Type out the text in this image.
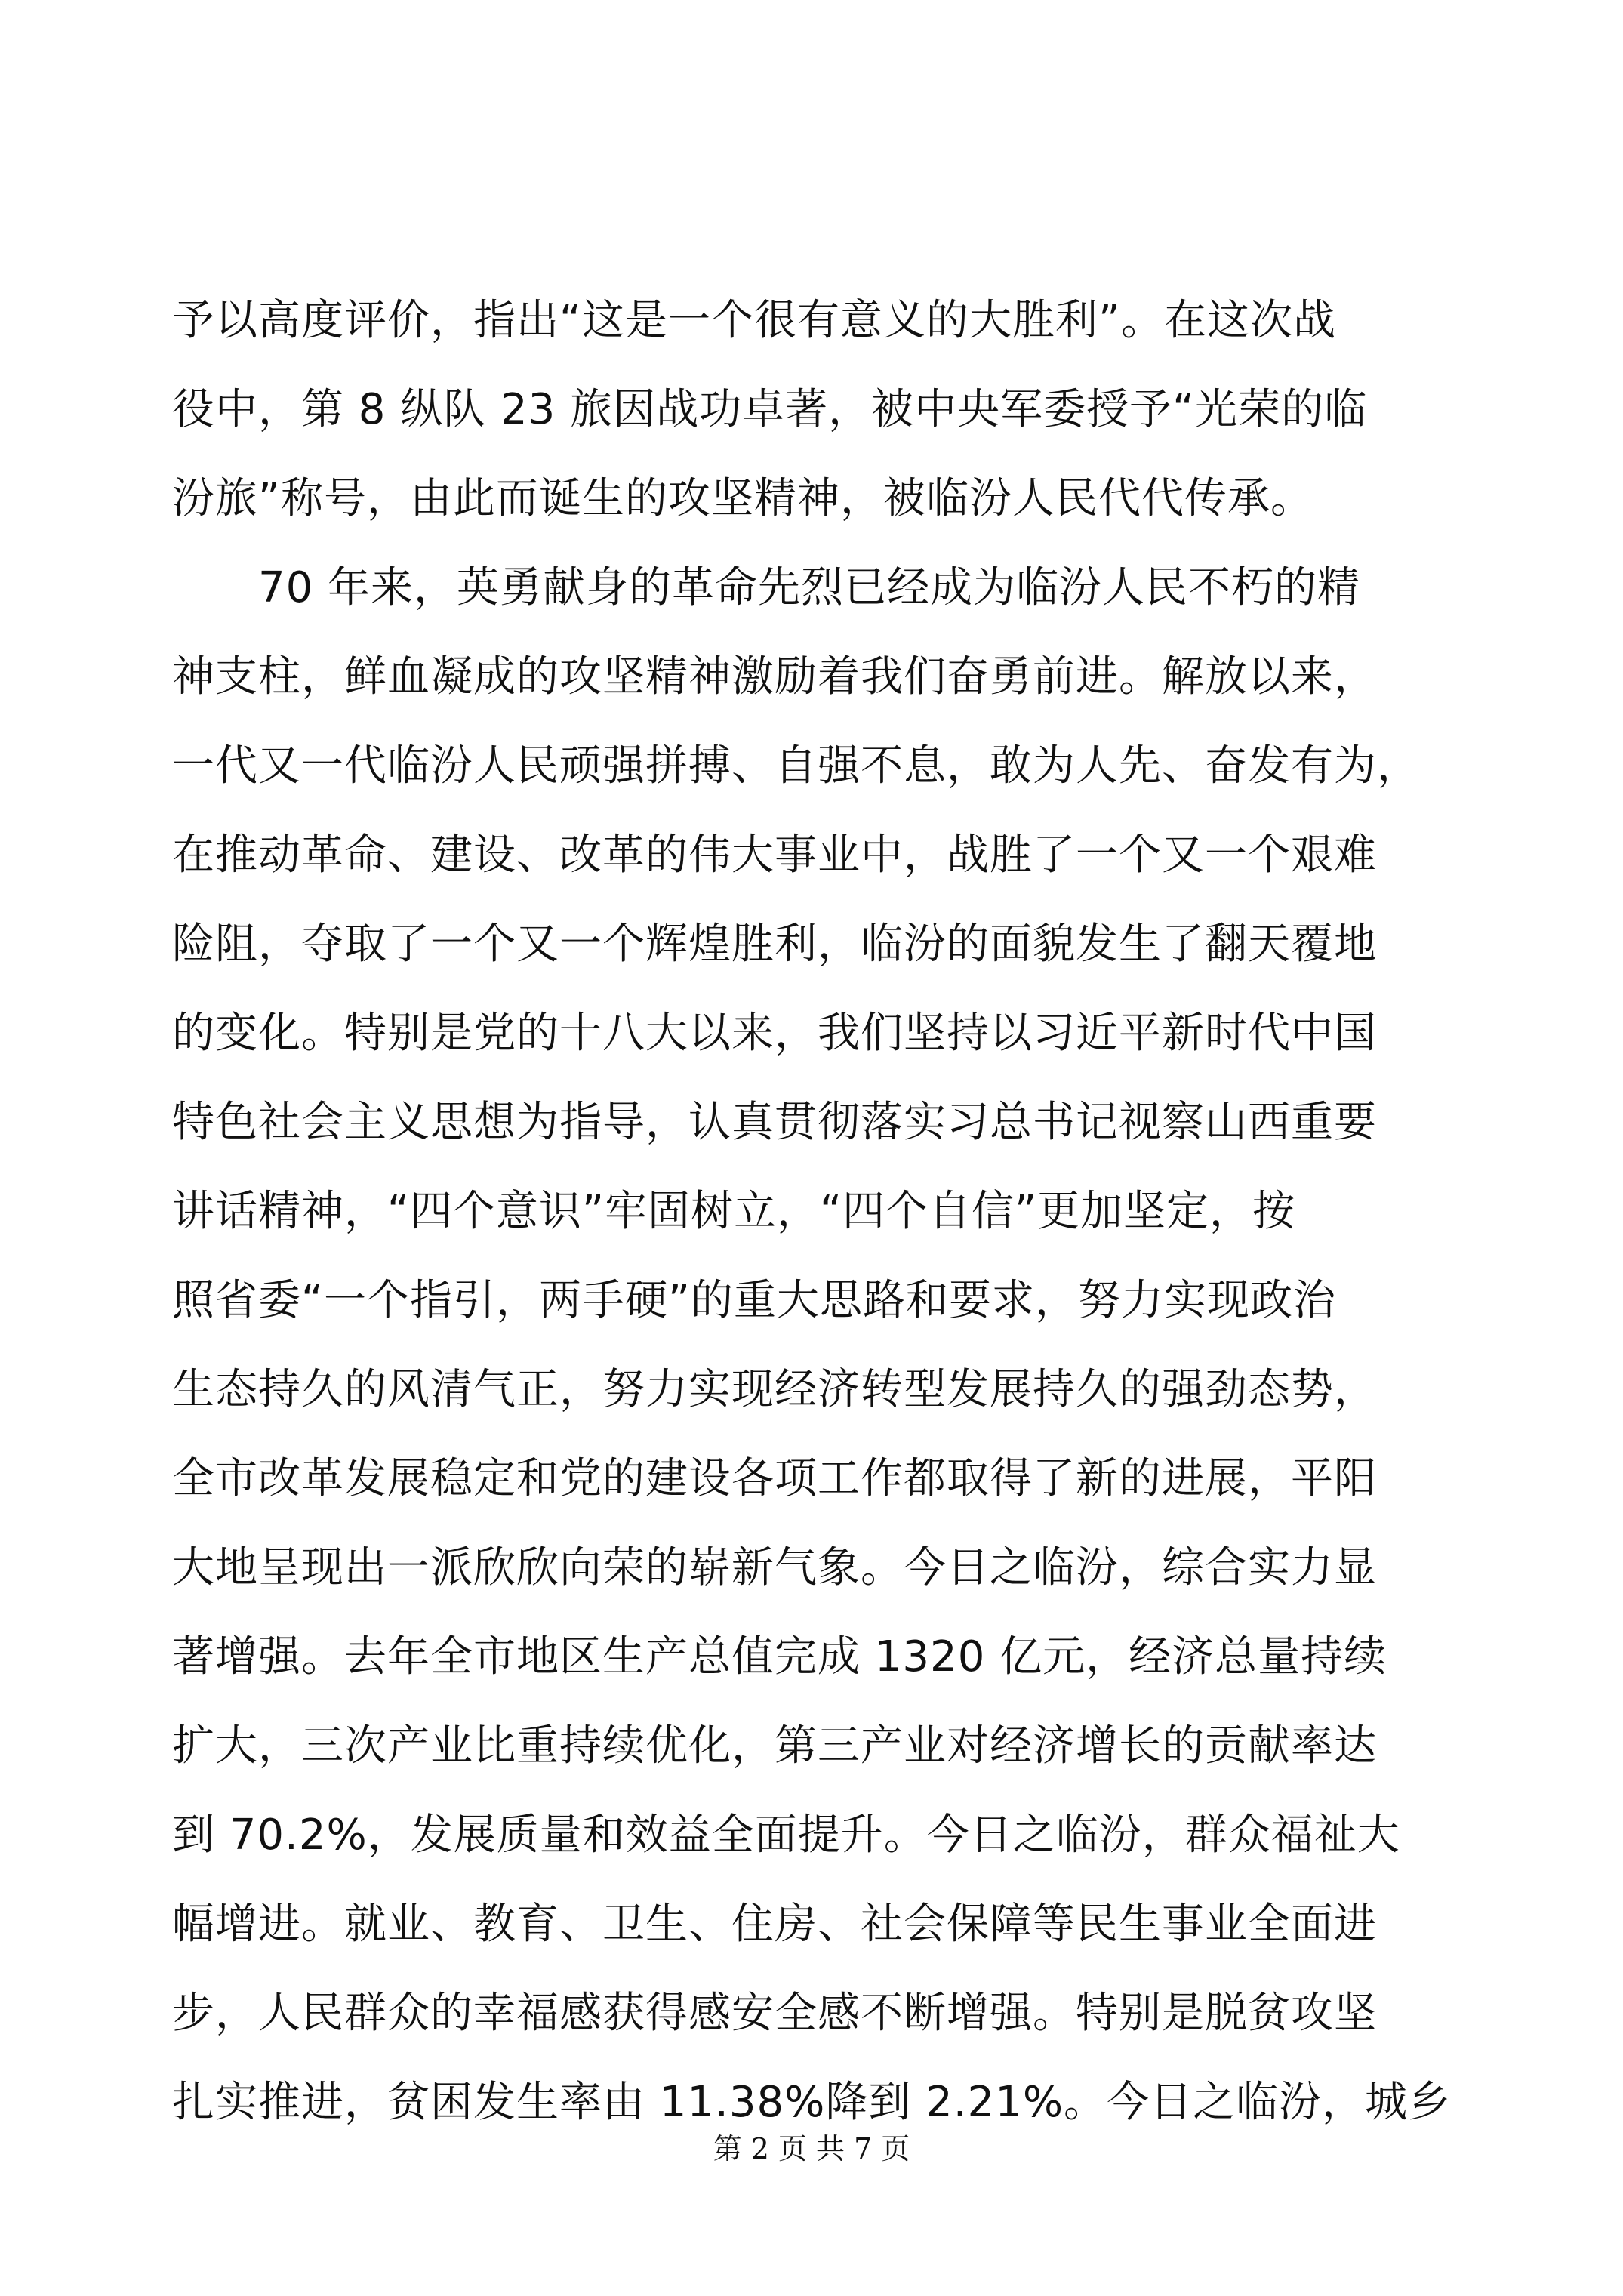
予以高度评价，指出“这是一个很有意义的大胜利”。在这次战
役中，第 8 纵队 23 旅因战功卓著，被中央军委授予“光荣的临
汾旅”称号，由此而诞生的攻坚精神，被临汾人民代代传承。
　　70 年来，英勇献身的革命先烈已经成为临汾人民不朽的精
神支柱，鲜血凝成的攻坚精神激励着我们奋勇前进。解放以来，
一代又一代临汾人民顽强拼搏、自强不息，敢为人先、奋发有为，
在推动革命、建设、改革的伟大事业中，战胜了一个又一个艰难
险阻，夺取了一个又一个辉煌胜利，临汾的面貌发生了翻天覆地
的变化。特别是党的十八大以来，我们坚持以习近平新时代中国
特色社会主义思想为指导，认真贯彻落实习总书记视察山西重要
讲话精神，“四个意识”牢固树立，“四个自信”更加坚定，按
照省委“一个指引，两手硬”的重大思路和要求，努力实现政治
生态持久的风清气正，努力实现经济转型发展持久的强劲态势，
全市改革发展稳定和党的建设各项工作都取得了新的进展，平阳
大地呈现出一派欣欣向荣的崭新气象。今日之临汾，综合实力显
著增强。去年全市地区生产总值完成 1320 亿元，经济总量持续
扩大，三次产业比重持续优化，第三产业对经济增长的贡献率达
到 70.2%，发展质量和效益全面提升。今日之临汾，群众福祉大
幅增进。就业、教育、卫生、住房、社会保障等民生事业全面进
步，人民群众的幸福感获得感安全感不断增强。特别是脱贫攻坚
扎实推进，贫困发生率由 11.38%降到 2.21%。今日之临汾，城乡
第 2 页 共 7 页
